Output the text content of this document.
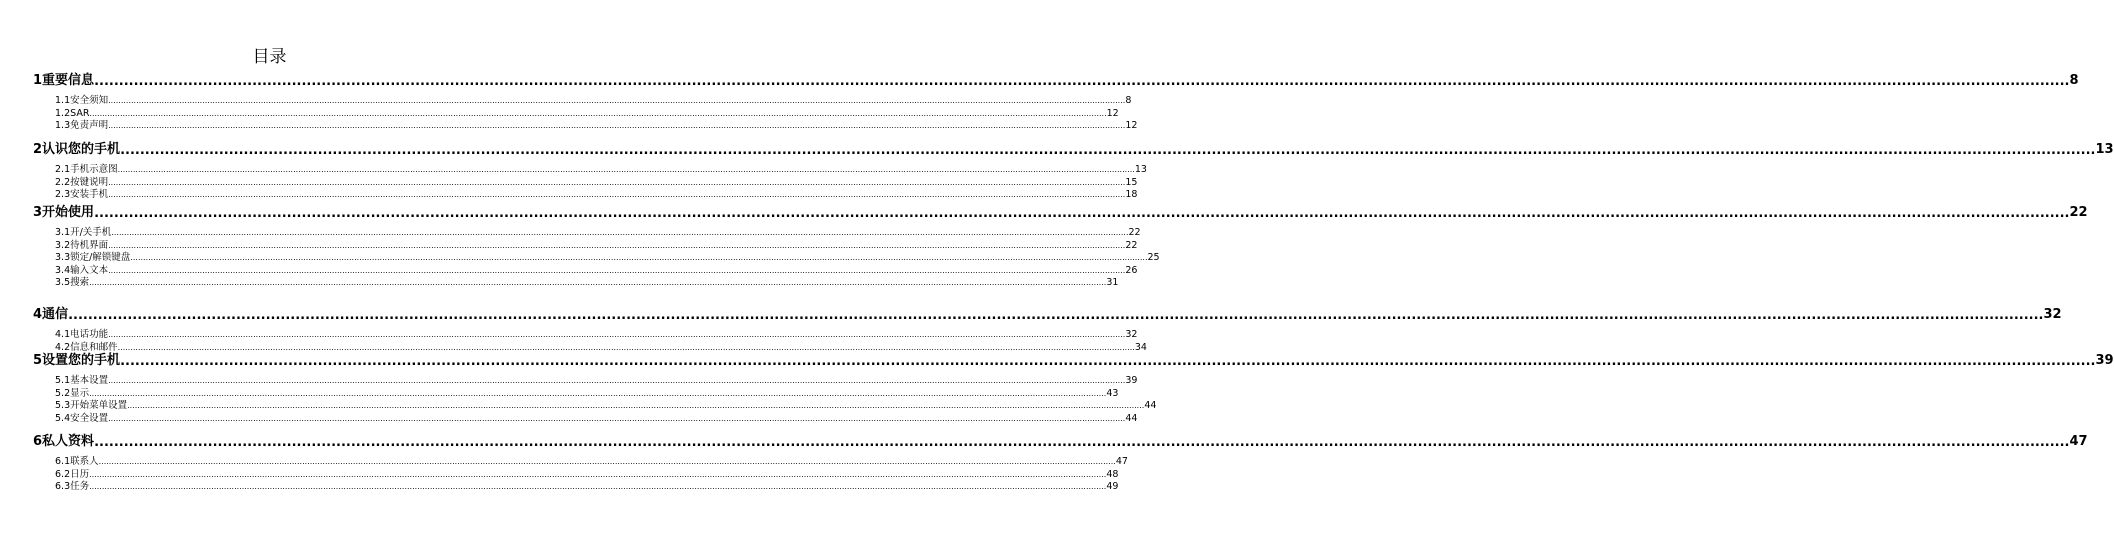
目录
1 重要信息 ................................................................................................................................................................................................................................................................................................................................................................................................................ 8
1.1 安全须知 ................................................................................................................................................................................................................................................................................................................................................................................................................ 8
1.2 SAR ................................................................................................................................................................................................................................................................................................................................................................................................................ 12
1.3 免责声明 ................................................................................................................................................................................................................................................................................................................................................................................................................ 12
2 认识您的手机 ................................................................................................................................................................................................................................................................................................................................................................................................................ 13
2.1 手机示意图 ................................................................................................................................................................................................................................................................................................................................................................................................................ 13
2.2 按键说明 ................................................................................................................................................................................................................................................................................................................................................................................................................ 15
2.3 安装手机 ................................................................................................................................................................................................................................................................................................................................................................................................................ 18
3 开始使用 ................................................................................................................................................................................................................................................................................................................................................................................................................ 22
3.1 开/关手机 ................................................................................................................................................................................................................................................................................................................................................................................................................ 22
3.2 待机界面 ................................................................................................................................................................................................................................................................................................................................................................................................................ 22
3.3 锁定/解锁键盘 ................................................................................................................................................................................................................................................................................................................................................................................................................ 25
3.4 输入文本 ................................................................................................................................................................................................................................................................................................................................................................................................................ 26
3.5 搜索 ................................................................................................................................................................................................................................................................................................................................................................................................................ 31
4 通信 ................................................................................................................................................................................................................................................................................................................................................................................................................ 32
4.1 电话功能 ................................................................................................................................................................................................................................................................................................................................................................................................................ 32
4.2 信息和邮件 ................................................................................................................................................................................................................................................................................................................................................................................................................ 34
5 设置您的手机 ................................................................................................................................................................................................................................................................................................................................................................................................................ 39
5.1 基本设置 ................................................................................................................................................................................................................................................................................................................................................................................................................ 39
5.2 显示 ................................................................................................................................................................................................................................................................................................................................................................................................................ 43
5.3 开始菜单设置 ................................................................................................................................................................................................................................................................................................................................................................................................................ 44
5.4 安全设置 ................................................................................................................................................................................................................................................................................................................................................................................................................ 44
6 私人资料 ................................................................................................................................................................................................................................................................................................................................................................................................................ 47
6.1 联系人 ................................................................................................................................................................................................................................................................................................................................................................................................................ 47
6.2 日历 ................................................................................................................................................................................................................................................................................................................................................................................................................ 48
6.3 任务 ................................................................................................................................................................................................................................................................................................................................................................................................................ 49
